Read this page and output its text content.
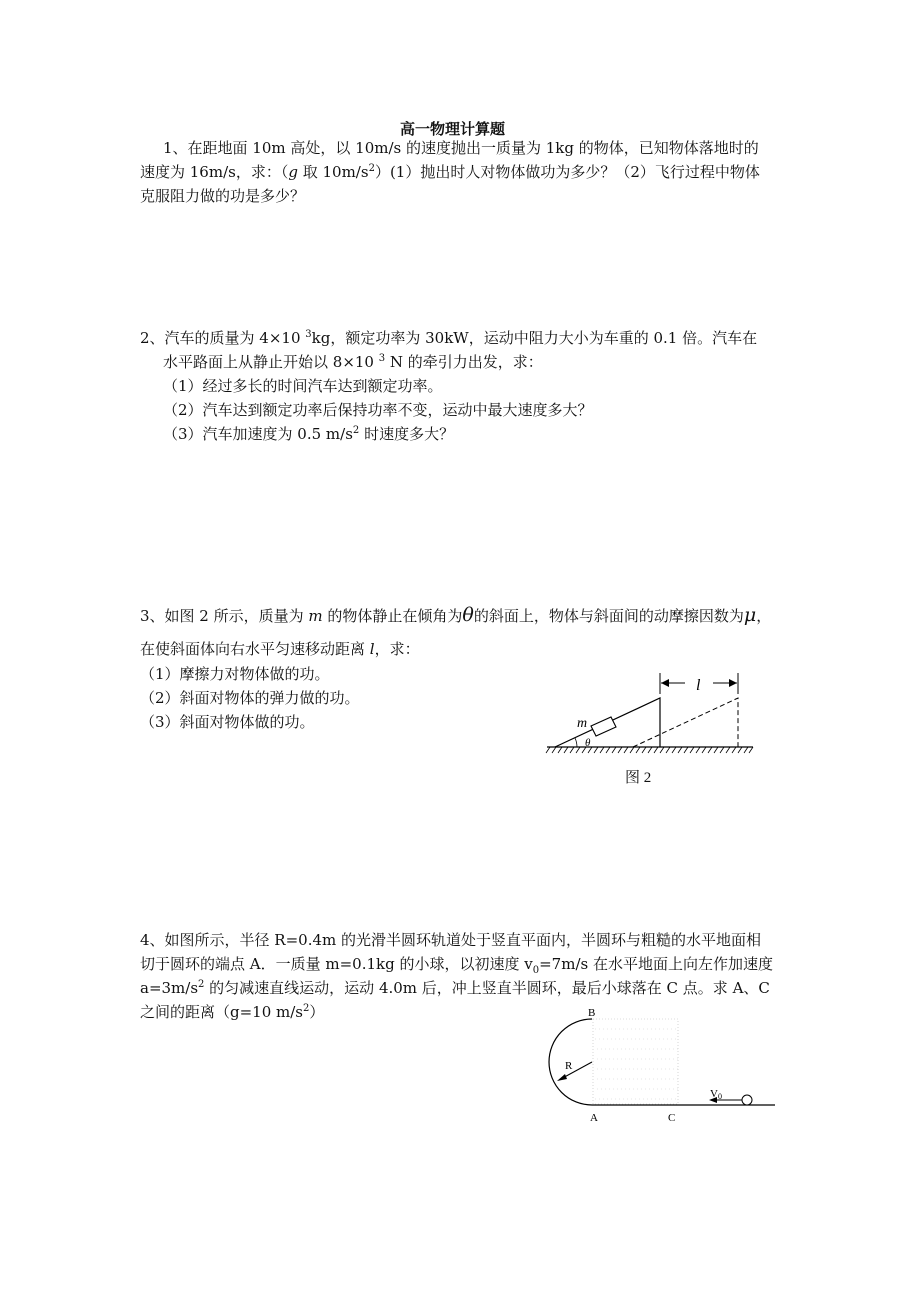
高一物理计算题
1、在距地面 10m 高处，以 10m/s 的速度抛出一质量为 1kg 的物体，已知物体落地时的
速度为 16m/s，求：（g 取 $10m/s^2)(1)$抛出时人对物体做功为多少？（2）飞行过程中物体
克服阻力做的功是多少？
2、汽车的质量为 4×10 $^3$kg，额定功率为 30kW，运动中阻力大小为车重的 0.1 倍。汽车在
水平路面上从静止开始以 8×10 $^3$ N 的牵引力出发，求：
（1）经过多长的时间汽车达到额定功率。
（2）汽车达到额定功率后保持功率不变，运动中最大速度多大？
（3）汽车加速度为 0.5 $m/s^2$ 时速度多大？
3、如图 2 所示，质量为 m 的物体静止在倾角为θ的斜面上，物体与斜面间的动摩擦因数为μ，
在使斜面体向右水平匀速移动距离 l，求：
（1）摩擦力对物体做的功。
（2）斜面对物体的弹力做的功。
（3）斜面对物体做的功。
l
m
θ
图 2
4、如图所示，半径 R=0.4m 的光滑半圆环轨道处于竖直平面内，半圆环与粗糙的水平地面相
切于圆环的端点 A．一质量 m=0.1kg 的小球，以初速度 $v_0=7m/s$ 在水平地面上向左作加速度
$a=3m/s^2$ 的匀减速直线运动，运动 4.0m 后，冲上竖直半圆环，最后小球落在 C 点。求 A、C
之间的距离（g=10 $m/s^2$）	B
R
A	C
V0
